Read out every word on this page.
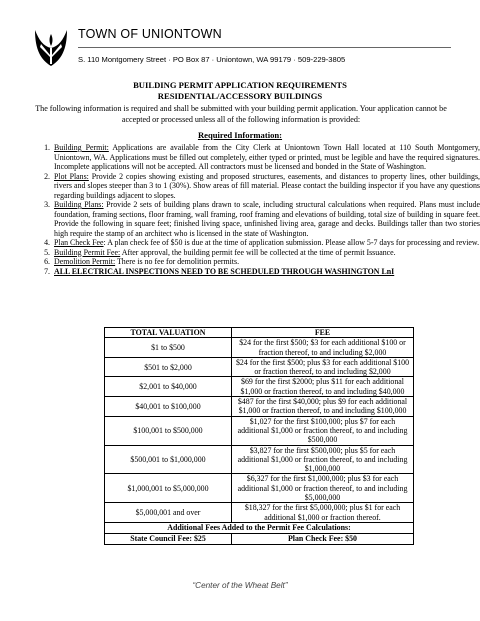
TOWN OF UNIONTOWN
S. 110 Montgomery Street · PO Box 87 · Uniontown, WA 99179 · 509-229-3805
BUILDING PERMIT APPLICATION REQUIREMENTS
RESIDENTIAL/ACCESSORY BUILDINGS
The following information is required and shall be submitted with your building permit application. Your application cannot be accepted or processed unless all of the following information is provided:
Required Information:
1. Building Permit: Applications are available from the City Clerk at Uniontown Town Hall located at 110 South Montgomery, Uniontown, WA. Applications must be filled out completely, either typed or printed, must be legible and have the required signatures. Incomplete applications will not be accepted. All contractors must be licensed and bonded in the State of Washington.
2. Plot Plans: Provide 2 copies showing existing and proposed structures, easements, and distances to property lines, other buildings, rivers and slopes steeper than 3 to 1 (30%). Show areas of fill material. Please contact the building inspector if you have any questions regarding buildings adjacent to slopes.
3. Building Plans: Provide 2 sets of building plans drawn to scale, including structural calculations when required. Plans must include foundation, framing sections, floor framing, wall framing, roof framing and elevations of building, total size of building in square feet. Provide the following in square feet; finished living space, unfinished living area, garage and decks. Buildings taller than two stories high require the stamp of an architect who is licensed in the state of Washington.
4. Plan Check Fee: A plan check fee of $50 is due at the time of application submission. Please allow 5-7 days for processing and review.
5. Building Permit Fee: After approval, the building permit fee will be collected at the time of permit Issuance.
6. Demolition Permit: There is no fee for demolition permits.
7. ALL ELECTRICAL INSPECTIONS NEED TO BE SCHEDULED THROUGH WASHINGTON LnI
TOTAL VALUATION	FEE
$1 to $500	$24 for the first $500; $3 for each additional $100 or fraction thereof, to and including $2,000
$501 to $2,000	$24 for the first $500; plus $3 for each additional $100 or fraction thereof, to and including $2,000
$2,001 to $40,000	$69 for the first $2000; plus $11 for each additional $1,000 or fraction thereof, to and including $40,000
$40,001 to $100,000	$487 for the first $40,000; plus $9 for each additional $1,000 or fraction thereof, to and including $100,000
$100,001 to $500,000	$1,027 for the first $100,000; plus $7 for each additional $1,000 or fraction thereof, to and including $500,000
$500,001 to $1,000,000	$3,827 for the first $500,000; plus $5 for each additional $1,000 or fraction thereof, to and including $1,000,000
$1,000,001 to $5,000,000	$6,327 for the first $1,000,000; plus $3 for each additional $1,000 or fraction thereof, to and including $5,000,000
$5,000,001 and over	$18,327 for the first $5,000,000; plus $1 for each additional $1,000 or fraction thereof.
Additional Fees Added to the Permit Fee Calculations:	
State Council Fee: $25	Plan Check Fee: $50
“Center of the Wheat Belt”
